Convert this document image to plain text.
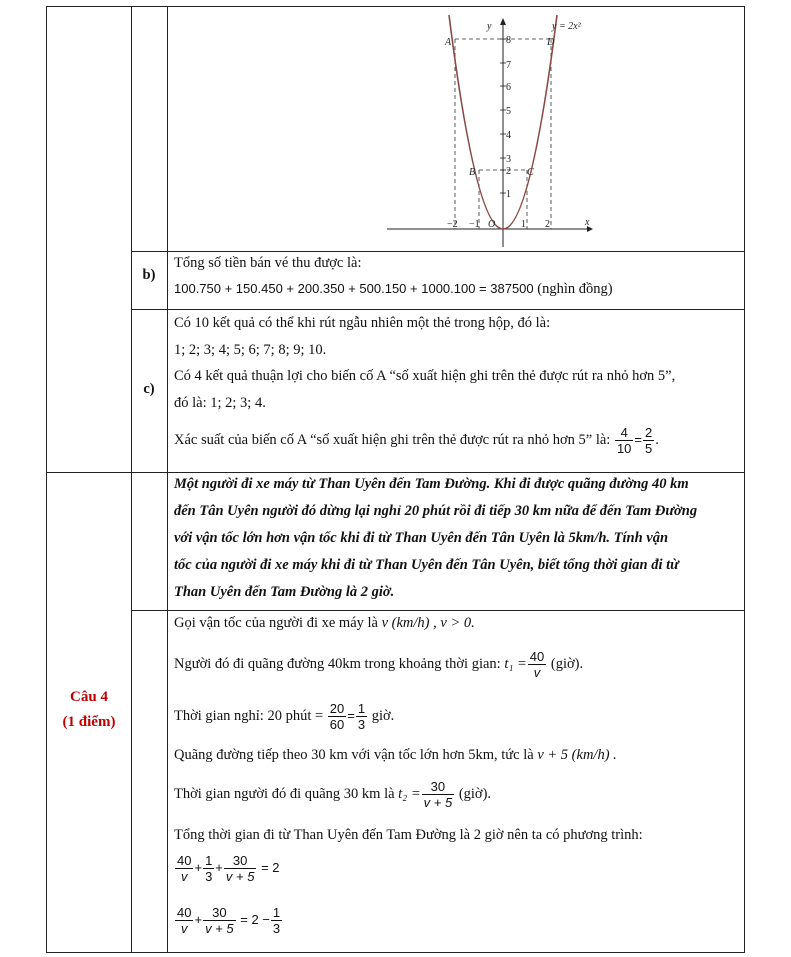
y
x
y = 2x²
A	D
B	C
O
8
7
6
5
4
3
2
1
−2 −1	1 2
b)
Tổng số tiền bán vé thu được là:
100.750 + 150.450 + 200.350 + 500.150 + 1000.100 = 387500 (nghìn đồng)
c)
Có 10 kết quả có thể khi rút ngẫu nhiên một thẻ trong hộp, đó là:
1; 2; 3; 4; 5; 6; 7; 8; 9; 10.
Có 4 kết quả thuận lợi cho biến cố A “số xuất hiện ghi trên thẻ được rút ra nhỏ hơn 5”,
đó là: 1; 2; 3; 4.
Xác suất của biến cố A “số xuất hiện ghi trên thẻ được rút ra nhỏ hơn 5” là: $\frac{4}{10} = \frac{2}{5}$ .
Câu 4
(1 điểm)
Một người đi xe máy từ Than Uyên đến Tam Đường. Khi đi được quãng đường 40 km
đến Tân Uyên người đó dừng lại nghỉ 20 phút rồi đi tiếp 30 km nữa để đến Tam Đường
với vận tốc lớn hơn vận tốc khi đi từ Than Uyên đến Tân Uyên là 5km/h. Tính vận
tốc của người đi xe máy khi đi từ Than Uyên đến Tân Uyên, biết tổng thời gian đi từ
Than Uyên đến Tam Đường là 2 giờ.
Gọi vận tốc của người đi xe máy là v (km/h) , v > 0.
Người đó đi quãng đường 40km trong khoảng thời gian: $t_1 = \frac{40}{v}$ (giờ).
Thời gian nghỉ: 20 phút = $\frac{20}{60} = \frac{1}{3}$ giờ.
Quãng đường tiếp theo 30 km với vận tốc lớn hơn 5km, tức là v + 5 (km/h) .
Thời gian người đó đi quãng 30 km là $t_2 = \frac{30}{v + 5}$ (giờ).
Tổng thời gian đi từ Than Uyên đến Tam Đường là 2 giờ nên ta có phương trình:
$\frac{40}{v} + \frac{1}{3} + \frac{30}{v + 5} = 2$
$\frac{40}{v} + \frac{30}{v + 5} = 2 - \frac{1}{3}$
